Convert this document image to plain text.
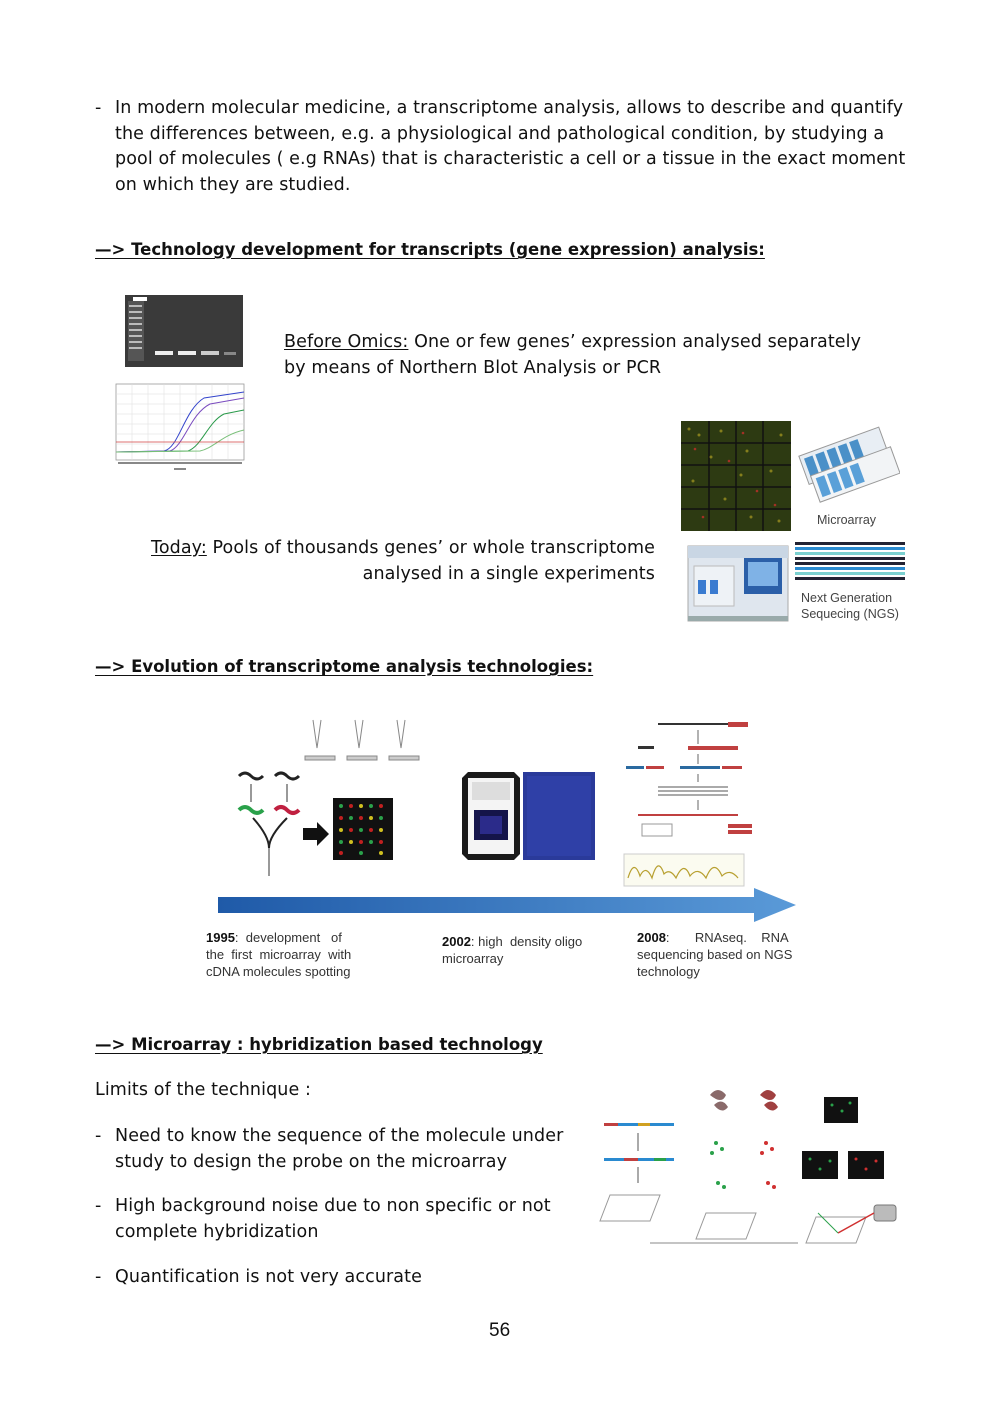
- In modern molecular medicine, a transcriptome analysis, allows to describe and quantify the differences between, e.g. a physiological and pathological condition, by studying a pool of molecules ( e.g RNAs) that is characteristic a cell or a tissue in the exact moment on which they are studied.
—> Technology development for transcripts (gene expression) analysis:
Before Omics: One or few genes’ expression analysed separately by means of Northern Blot Analysis or PCR
Microarray
Today: Pools of thousands genes’ or whole transcriptome
analysed in a single experiments
Next Generation
Sequecing (NGS)
—> Evolution of transcriptome analysis technologies:
1995:  development   of
the  first  microarray  with
cDNA molecules spotting
2002: high  density oligo
microarray
2008:       RNAseq.    RNA
sequencing based on NGS
technology
—> Microarray : hybridization based technology
Limits of the technique :
- Need to know the sequence of the molecule under study to design the probe on the microarray
- High background noise due to non specific or not complete hybridization
- Quantification is not very accurate
56
